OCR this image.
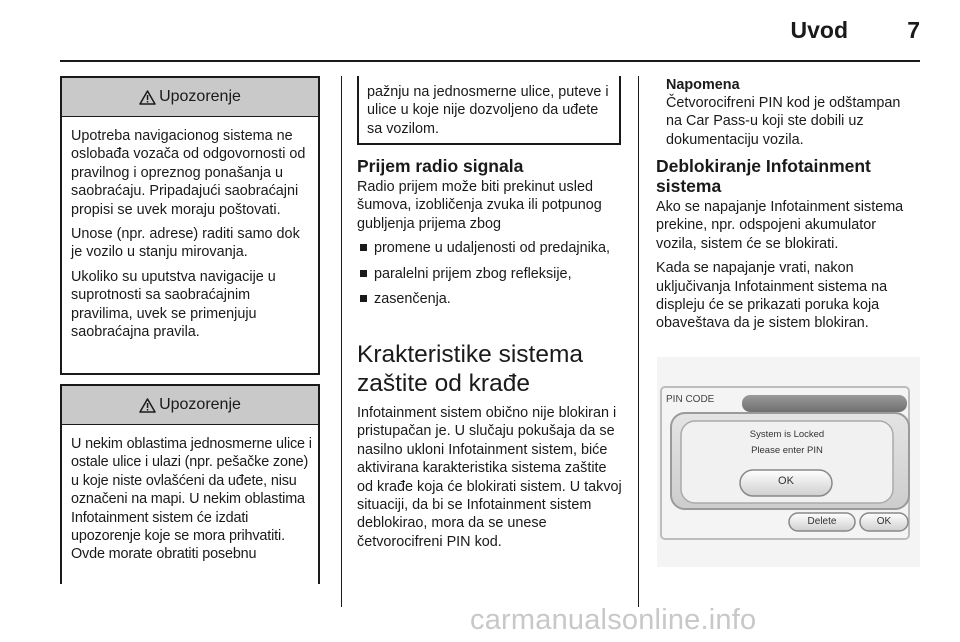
Uvod	7
Upozorenje

Upotreba navigacionog sistema ne oslobađa vozača od odgovornosti od pravilnog i opreznog ponašanja u saobraćaju. Pripadajući saobraćajni propisi se uvek moraju poštovati.

Unose (npr. adrese) raditi samo dok je vozilo u stanju mirovanja.

Ukoliko su uputstva navigacije u suprotnosti sa saobraćajnim pravilima, uvek se primenjuju saobraćajna pravila.

Upozorenje

U nekim oblastima jednosmerne ulice i ostale ulice i ulazi (npr. pešačke zone) u koje niste ovlašćeni da uđete, nisu označeni na mapi. U nekim oblastima Infotainment sistem će izdati upozorenje koje se mora prihvatiti. Ovde morate obratiti posebnu

pažnju na jednosmerne ulice, puteve i ulice u koje nije dozvoljeno da uđete sa vozilom.

Prijem radio signala

Radio prijem može biti prekinut usled šumova, izobličenja zvuka ili potpunog gubljenja prijema zbog

promene u udaljenosti od predajnika,
paralelni prijem zbog refleksije,
zasenčenja.
Krakteristike sistema zaštite od krađe

Infotainment sistem obično nije blokiran i pristupačan je. U slučaju pokušaja da se nasilno ukloni Infotainment sistem, biće aktivirana karakteristika sistema zaštite od krađe koja će blokirati sistem. U takvoj situaciji, da bi se Infotainment sistem deblokirao, mora da se unese četvorocifreni PIN kod.

Napomena

Četvorocifreni PIN kod je odštampan na Car Pass-u koji ste dobili uz dokumentaciju vozila.

Deblokiranje Infotainment sistema

Ako se napajanje Infotainment sistema prekine, npr. odspojeni akumulator vozila, sistem će se blokirati.

Kada se napajanje vrati, nakon uključivanja Infotainment sistema na displeju će se prikazati poruka koja obaveštava da je sistem blokiran.

PIN CODE
System is Locked
Please enter PIN
OK
Delete	OK
carmanualsonline.info
